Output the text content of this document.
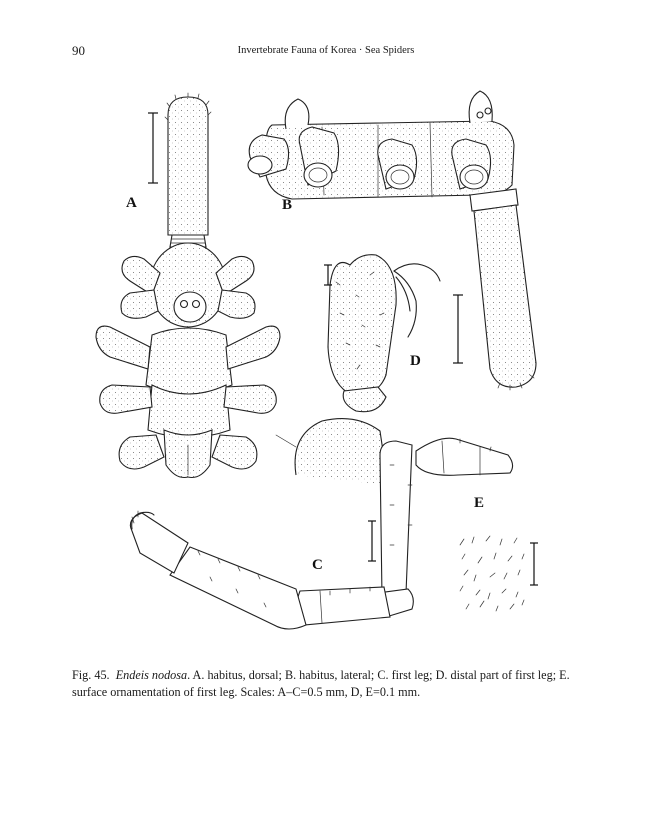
90	Invertebrate Fauna of Korea · Sea Spiders
A	B
D
C
E
Fig. 45. Endeis nodosa. A. habitus, dorsal; B. habitus, lateral; C. first leg; D. distal part of first leg; E. surface ornamentation of first leg. Scales: A–C=0.5 mm, D, E=0.1 mm.
